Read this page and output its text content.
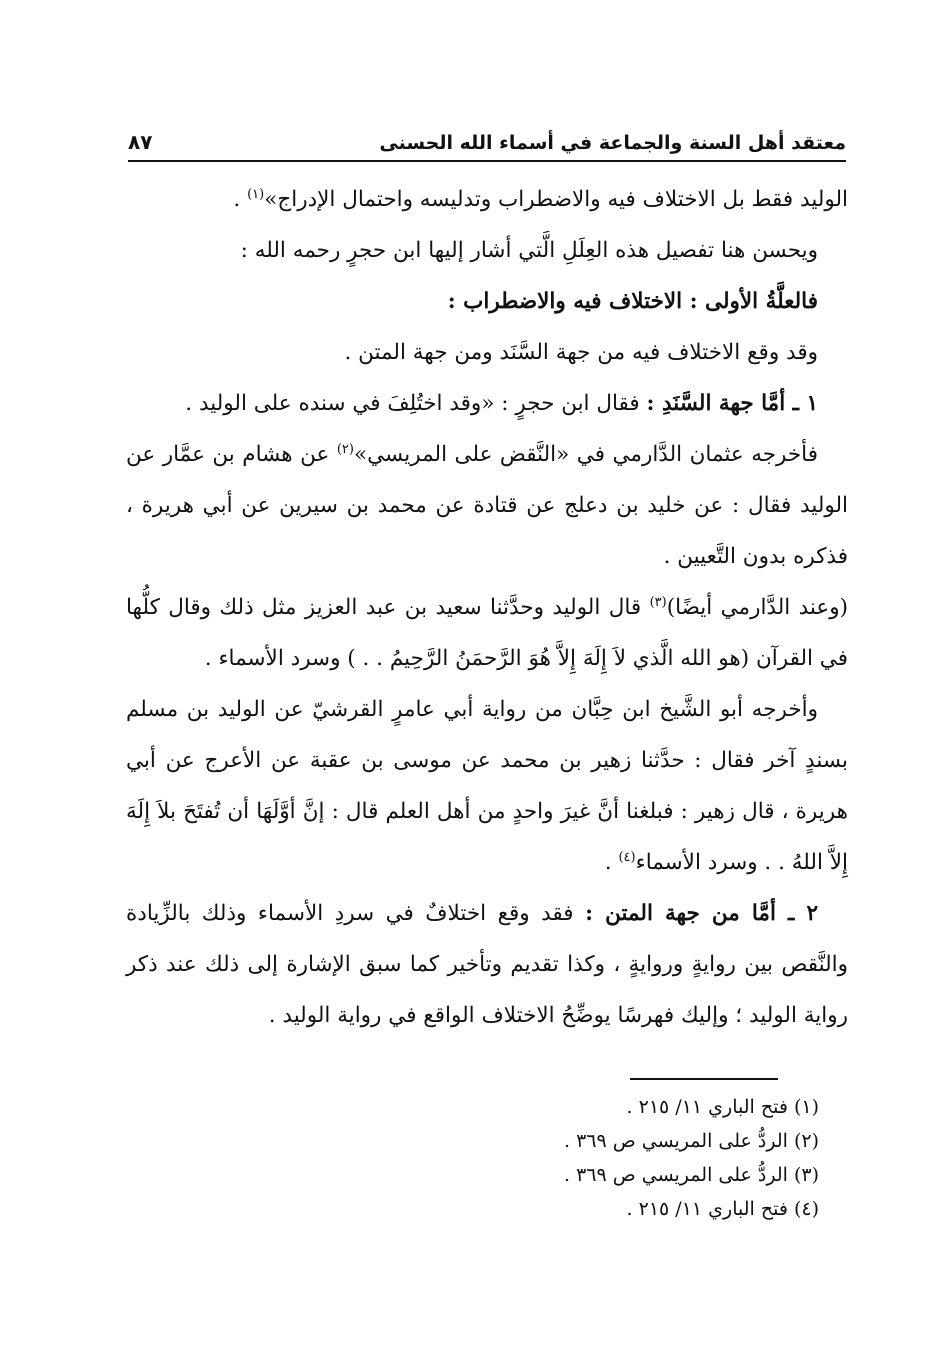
معتقد أهل السنة والجماعة في أسماء الله الحسنى
٨٧

الوليد فقط بل الاختلاف فيه والاضطراب وتدليسه واحتمال الإدراج»$^{(١)}$ .

ويحسن هنا تفصيل هذه العِلَلِ الَّتي أشار إليها ابن حجرٍ رحمه الله :

فالعلَّةُ الأولى : الاختلاف فيه والاضطراب :

وقد وقع الاختلاف فيه من جهة السَّنَد ومن جهة المتن .

١ ـ أمَّا جهة السَّنَدِ : فقال ابن حجرٍ : «وقد اختُلِفَ في سنده على الوليد .

فأخرجه عثمان الدَّارمي في «النَّقض على المريسي»$^{(٢)}$ عن هشام بن عمَّار عن الوليد فقال : عن خليد بن دعلج عن قتادة عن محمد بن سيرين عن أبي هريرة ، فذكره بدون التَّعيين .

(وعند الدَّارمي أيضًا)$^{(٣)}$ قال الوليد وحدَّثنا سعيد بن عبد العزيز مثل ذلك وقال كلُّها في القرآن (هو الله الَّذي لاَ إِلَهَ إِلاَّ هُوَ الرَّحمَنُ الرَّحِيمُ . . ) وسرد الأسماء .

وأخرجه أبو الشَّيخ ابن حِبَّان من رواية أبي عامرٍ القرشيّ عن الوليد بن مسلم بسندٍ آخر فقال : حدَّثنا زهير بن محمد عن موسى بن عقبة عن الأعرج عن أبي هريرة ، قال زهير : فبلغنا أنَّ غيرَ واحدٍ من أهل العلم قال : إنَّ أوَّلَهَا أن تُفتَحَ بلاَ إِلَهَ إِلاَّ اللهُ . . وسرد الأسماء$^{(٤)}$ .

٢ ـ أمَّا من جهة المتن : فقد وقع اختلافٌ في سردِ الأسماء وذلك بالزِّيادة والنَّقص بين روايةٍ وروايةٍ ، وكذا تقديم وتأخير كما سبق الإشارة إلى ذلك عند ذكر رواية الوليد ؛ وإليك فهرسًا يوضِّحُ الاختلاف الواقع في رواية الوليد .

(١) فتح الباري ١١/ ٢١٥ .
(٢) الردُّ على المريسي ص ٣٦٩ .
(٣) الردُّ على المريسي ص ٣٦٩ .
(٤) فتح الباري ١١/ ٢١٥ .
